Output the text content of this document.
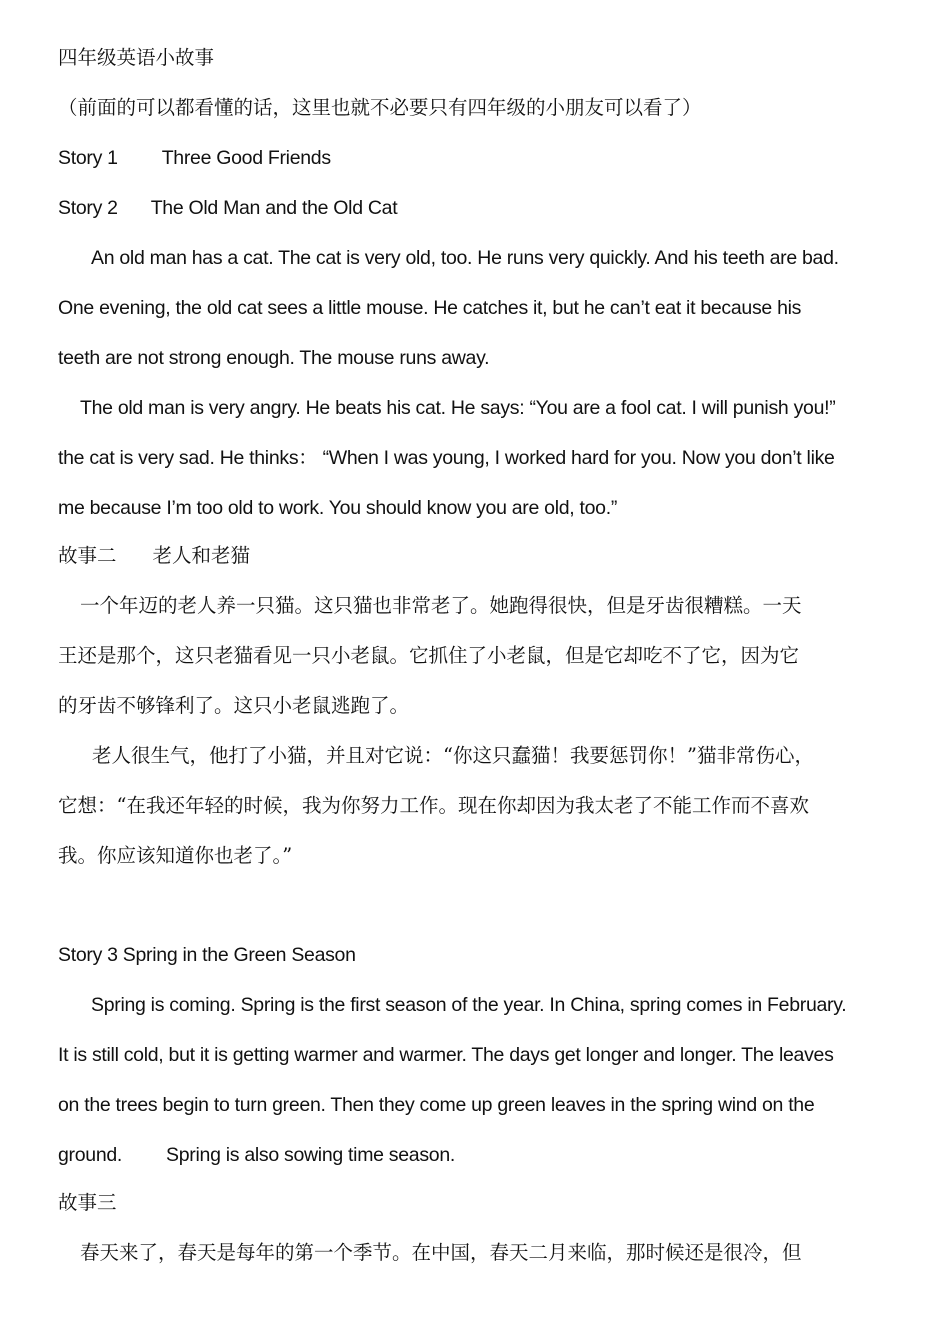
四年级英语小故事
（前面的可以都看懂的话，这里也就不必要只有四年级的小朋友可以看了）
Story 1 Three Good Friends
Story 2 The Old Man and the Old Cat
An old man has a cat. The cat is very old, too. He runs very quickly. And his teeth are bad.
One evening, the old cat sees a little mouse. He catches it, but he can’t eat it because his
teeth are not strong enough. The mouse runs away.
The old man is very angry. He beats his cat. He says: “You are a fool cat. I will punish you!”
the cat is very sad. He thinks： “When I was young, I worked hard for you. Now you don’t like
me because I’m too old to work. You should know you are old, too.”
故事二 老人和老猫
一个年迈的老人养一只猫。这只猫也非常老了。她跑得很快，但是牙齿很糟糕。一天
王还是那个，这只老猫看见一只小老鼠。它抓住了小老鼠，但是它却吃不了它，因为它
的牙齿不够锋利了。这只小老鼠逃跑了。
老人很生气，他打了小猫，并且对它说：“你这只蠢猫！我要惩罚你！”猫非常伤心，
它想：“在我还年轻的时候，我为你努力工作。现在你却因为我太老了不能工作而不喜欢
我。你应该知道你也老了。”
Story 3 Spring in the Green Season
Spring is coming. Spring is the first season of the year. In China, spring comes in February.
It is still cold, but it is getting warmer and warmer. The days get longer and longer. The leaves
on the trees begin to turn green. Then they come up green leaves in the spring wind on the
ground. Spring is also sowing time season.
故事三
春天来了，春天是每年的第一个季节。在中国，春天二月来临，那时候还是很冷，但
